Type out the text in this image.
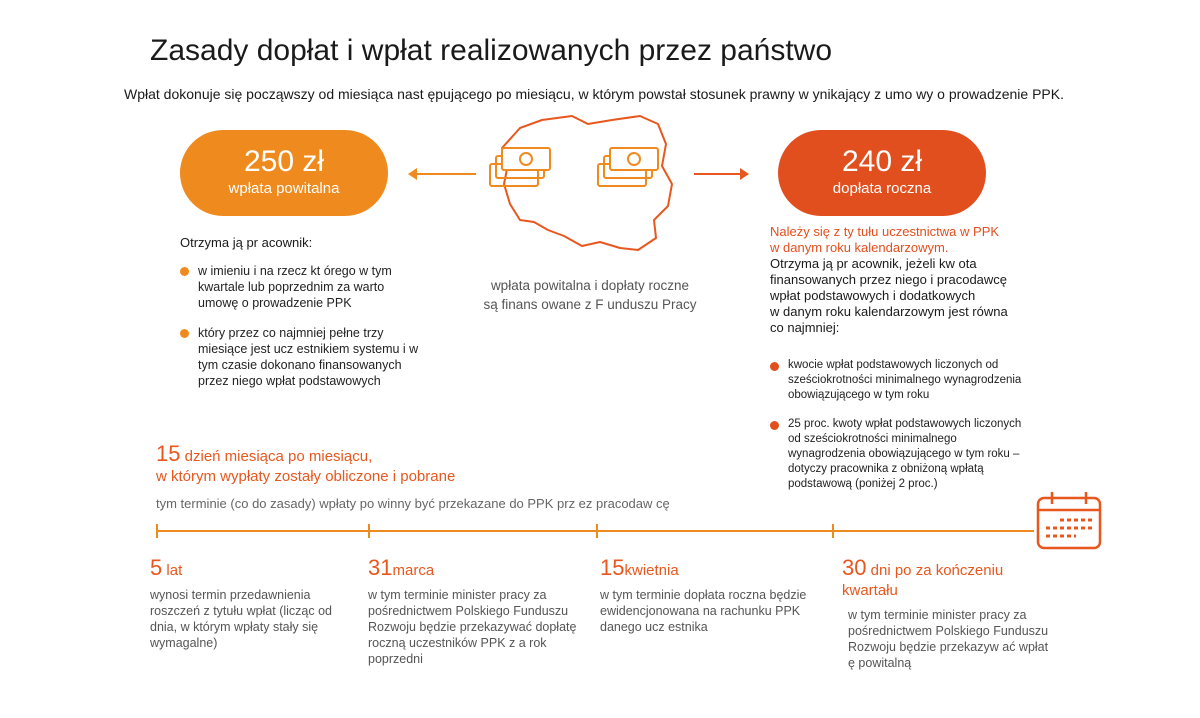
Zasady dopłat i wpłat realizowanych przez państwo
Wpłat dokonuje się począwszy od miesiąca nast ępującego po miesiącu, w którym powstał stosunek prawny w ynikający z umo wy o prowadzenie PPK.
250 zł
wpłata powitalna
240 zł
dopłata roczna
wpłata powitalna i dopłaty roczne
są finans owane z F unduszu Pracy
Otrzyma ją pr acownik:
w imieniu i na rzecz kt órego w tym kwartale lub poprzednim za warto umowę o prowadzenie PPK
który przez co najmniej pełne trzy miesiące jest ucz estnikiem systemu i w tym czasie dokonano finansowanych przez niego wpłat podstawowych
Należy się z ty tułu uczestnictwa w PPK
w danym roku kalendarzowym.
Otrzyma ją pr acownik, jeżeli kw ota
finansowanych przez niego i pracodawcę
wpłat podstawowych i dodatkowych
w danym roku kalendarzowym jest równa
co najmniej:
kwocie wpłat podstawowych liczonych od sześciokrotności minimalnego wynagrodzenia obowiązującego w tym roku
25 proc. kwoty wpłat podstawowych liczonych od sześciokrotności minimalnego wynagrodzenia obowiązującego w tym roku – dotyczy pracownika z obniżoną wpłatą podstawową (poniżej 2 proc.)
15 dzień miesiąca po miesiącu,
w którym wypłaty zostały obliczone i pobrane
tym terminie (co do zasady) wpłaty po winny być przekazane do PPK prz ez pracodaw cę
5 lat
wynosi termin przedawnienia roszczeń z tytułu wpłat (licząc od dnia, w którym wpłaty stały się wymagalne)
31marca
w tym terminie minister pracy za pośrednictwem Polskiego Funduszu Rozwoju będzie przekazywać dopłatę roczną uczestników PPK z a rok poprzedni
15kwietnia
w tym terminie dopłata roczna będzie ewidencjonowana na rachunku PPK danego ucz estnika
30 dni po za kończeniu
kwartału
w tym terminie minister pracy za pośrednictwem Polskiego Funduszu Rozwoju będzie przekazyw ać wpłat ę powitalną
